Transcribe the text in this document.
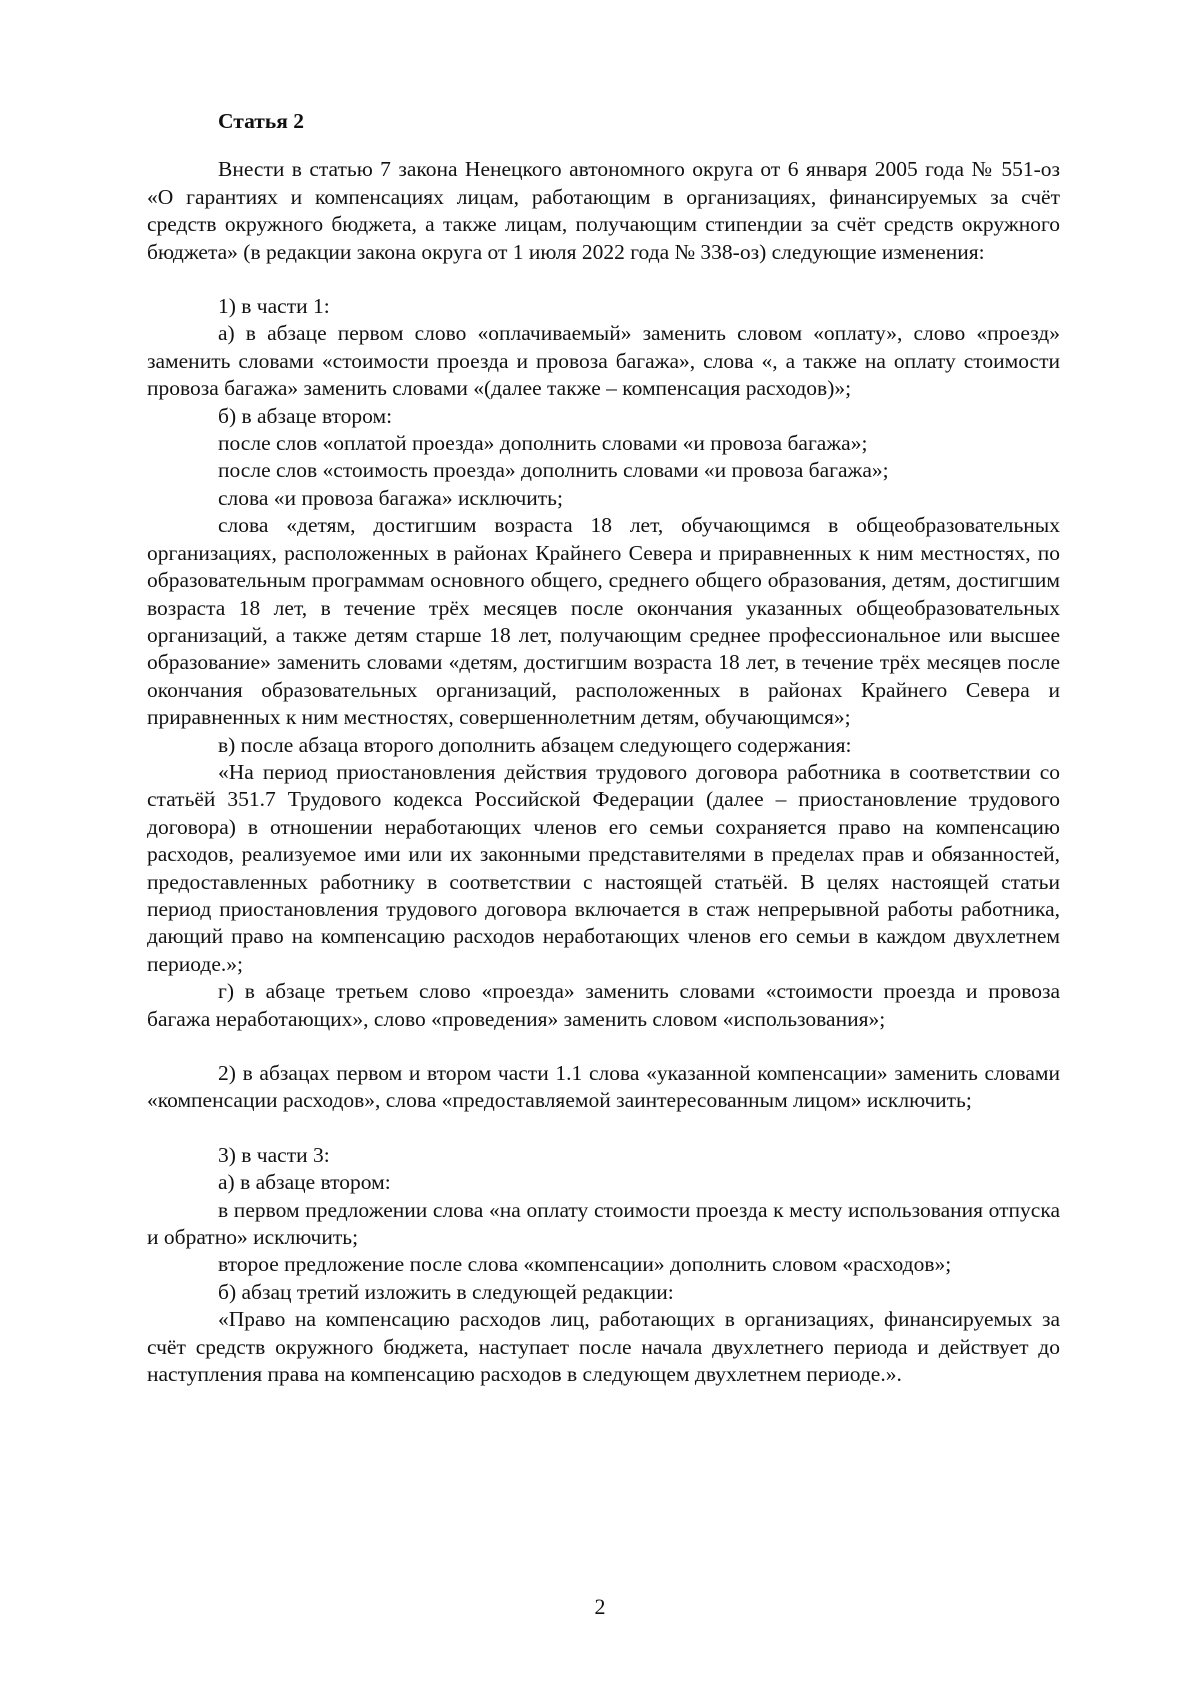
Статья 2

Внести в статью 7 закона Ненецкого автономного округа от 6 января 2005 года № 551-оз «О гарантиях и компенсациях лицам, работающим в организациях, финансируемых за счёт средств окружного бюджета, а также лицам, получающим стипендии за счёт средств окружного бюджета» (в редакции закона округа от 1 июля 2022 года № 338-оз) следующие изменения:

1) в части 1:

а) в абзаце первом слово «оплачиваемый» заменить словом «оплату», слово «проезд» заменить словами «стоимости проезда и провоза багажа», слова «, а также на оплату стоимости провоза багажа» заменить словами «(далее также – компенсация расходов)»;

б) в абзаце втором:

после слов «оплатой проезда» дополнить словами «и провоза багажа»;

после слов «стоимость проезда» дополнить словами «и провоза багажа»;

слова «и провоза багажа» исключить;

слова «детям, достигшим возраста 18 лет, обучающимся в общеобразовательных организациях, расположенных в районах Крайнего Севера и приравненных к ним местностях, по образовательным программам основного общего, среднего общего образования, детям, достигшим возраста 18 лет, в течение трёх месяцев после окончания указанных общеобразовательных организаций, а также детям старше 18 лет, получающим среднее профессиональное или высшее образование» заменить словами «детям, достигшим возраста 18 лет, в течение трёх месяцев после окончания образовательных организаций, расположенных в районах Крайнего Севера и приравненных к ним местностях, совершеннолетним детям, обучающимся»;

в) после абзаца второго дополнить абзацем следующего содержания:

«На период приостановления действия трудового договора работника в соответствии со статьёй 351.7 Трудового кодекса Российской Федерации (далее – приостановление трудового договора) в отношении неработающих членов его семьи сохраняется право на компенсацию расходов, реализуемое ими или их законными представителями в пределах прав и обязанностей, предоставленных работнику в соответствии с настоящей статьёй. В целях настоящей статьи период приостановления трудового договора включается в стаж непрерывной работы работника, дающий право на компенсацию расходов неработающих членов его семьи в каждом двухлетнем периоде.»;

г) в абзаце третьем слово «проезда» заменить словами «стоимости проезда и провоза багажа неработающих», слово «проведения» заменить словом «использования»;

2) в абзацах первом и втором части 1.1 слова «указанной компенсации» заменить словами «компенсации расходов», слова «предоставляемой заинтересованным лицом» исключить;

3) в части 3:

а) в абзаце втором:

в первом предложении слова «на оплату стоимости проезда к месту использования отпуска и обратно» исключить;

второе предложение после слова «компенсации» дополнить словом «расходов»;

б) абзац третий изложить в следующей редакции:

«Право на компенсацию расходов лиц, работающих в организациях, финансируемых за счёт средств окружного бюджета, наступает после начала двухлетнего периода и действует до наступления права на компенсацию расходов в следующем двухлетнем периоде.».

2
